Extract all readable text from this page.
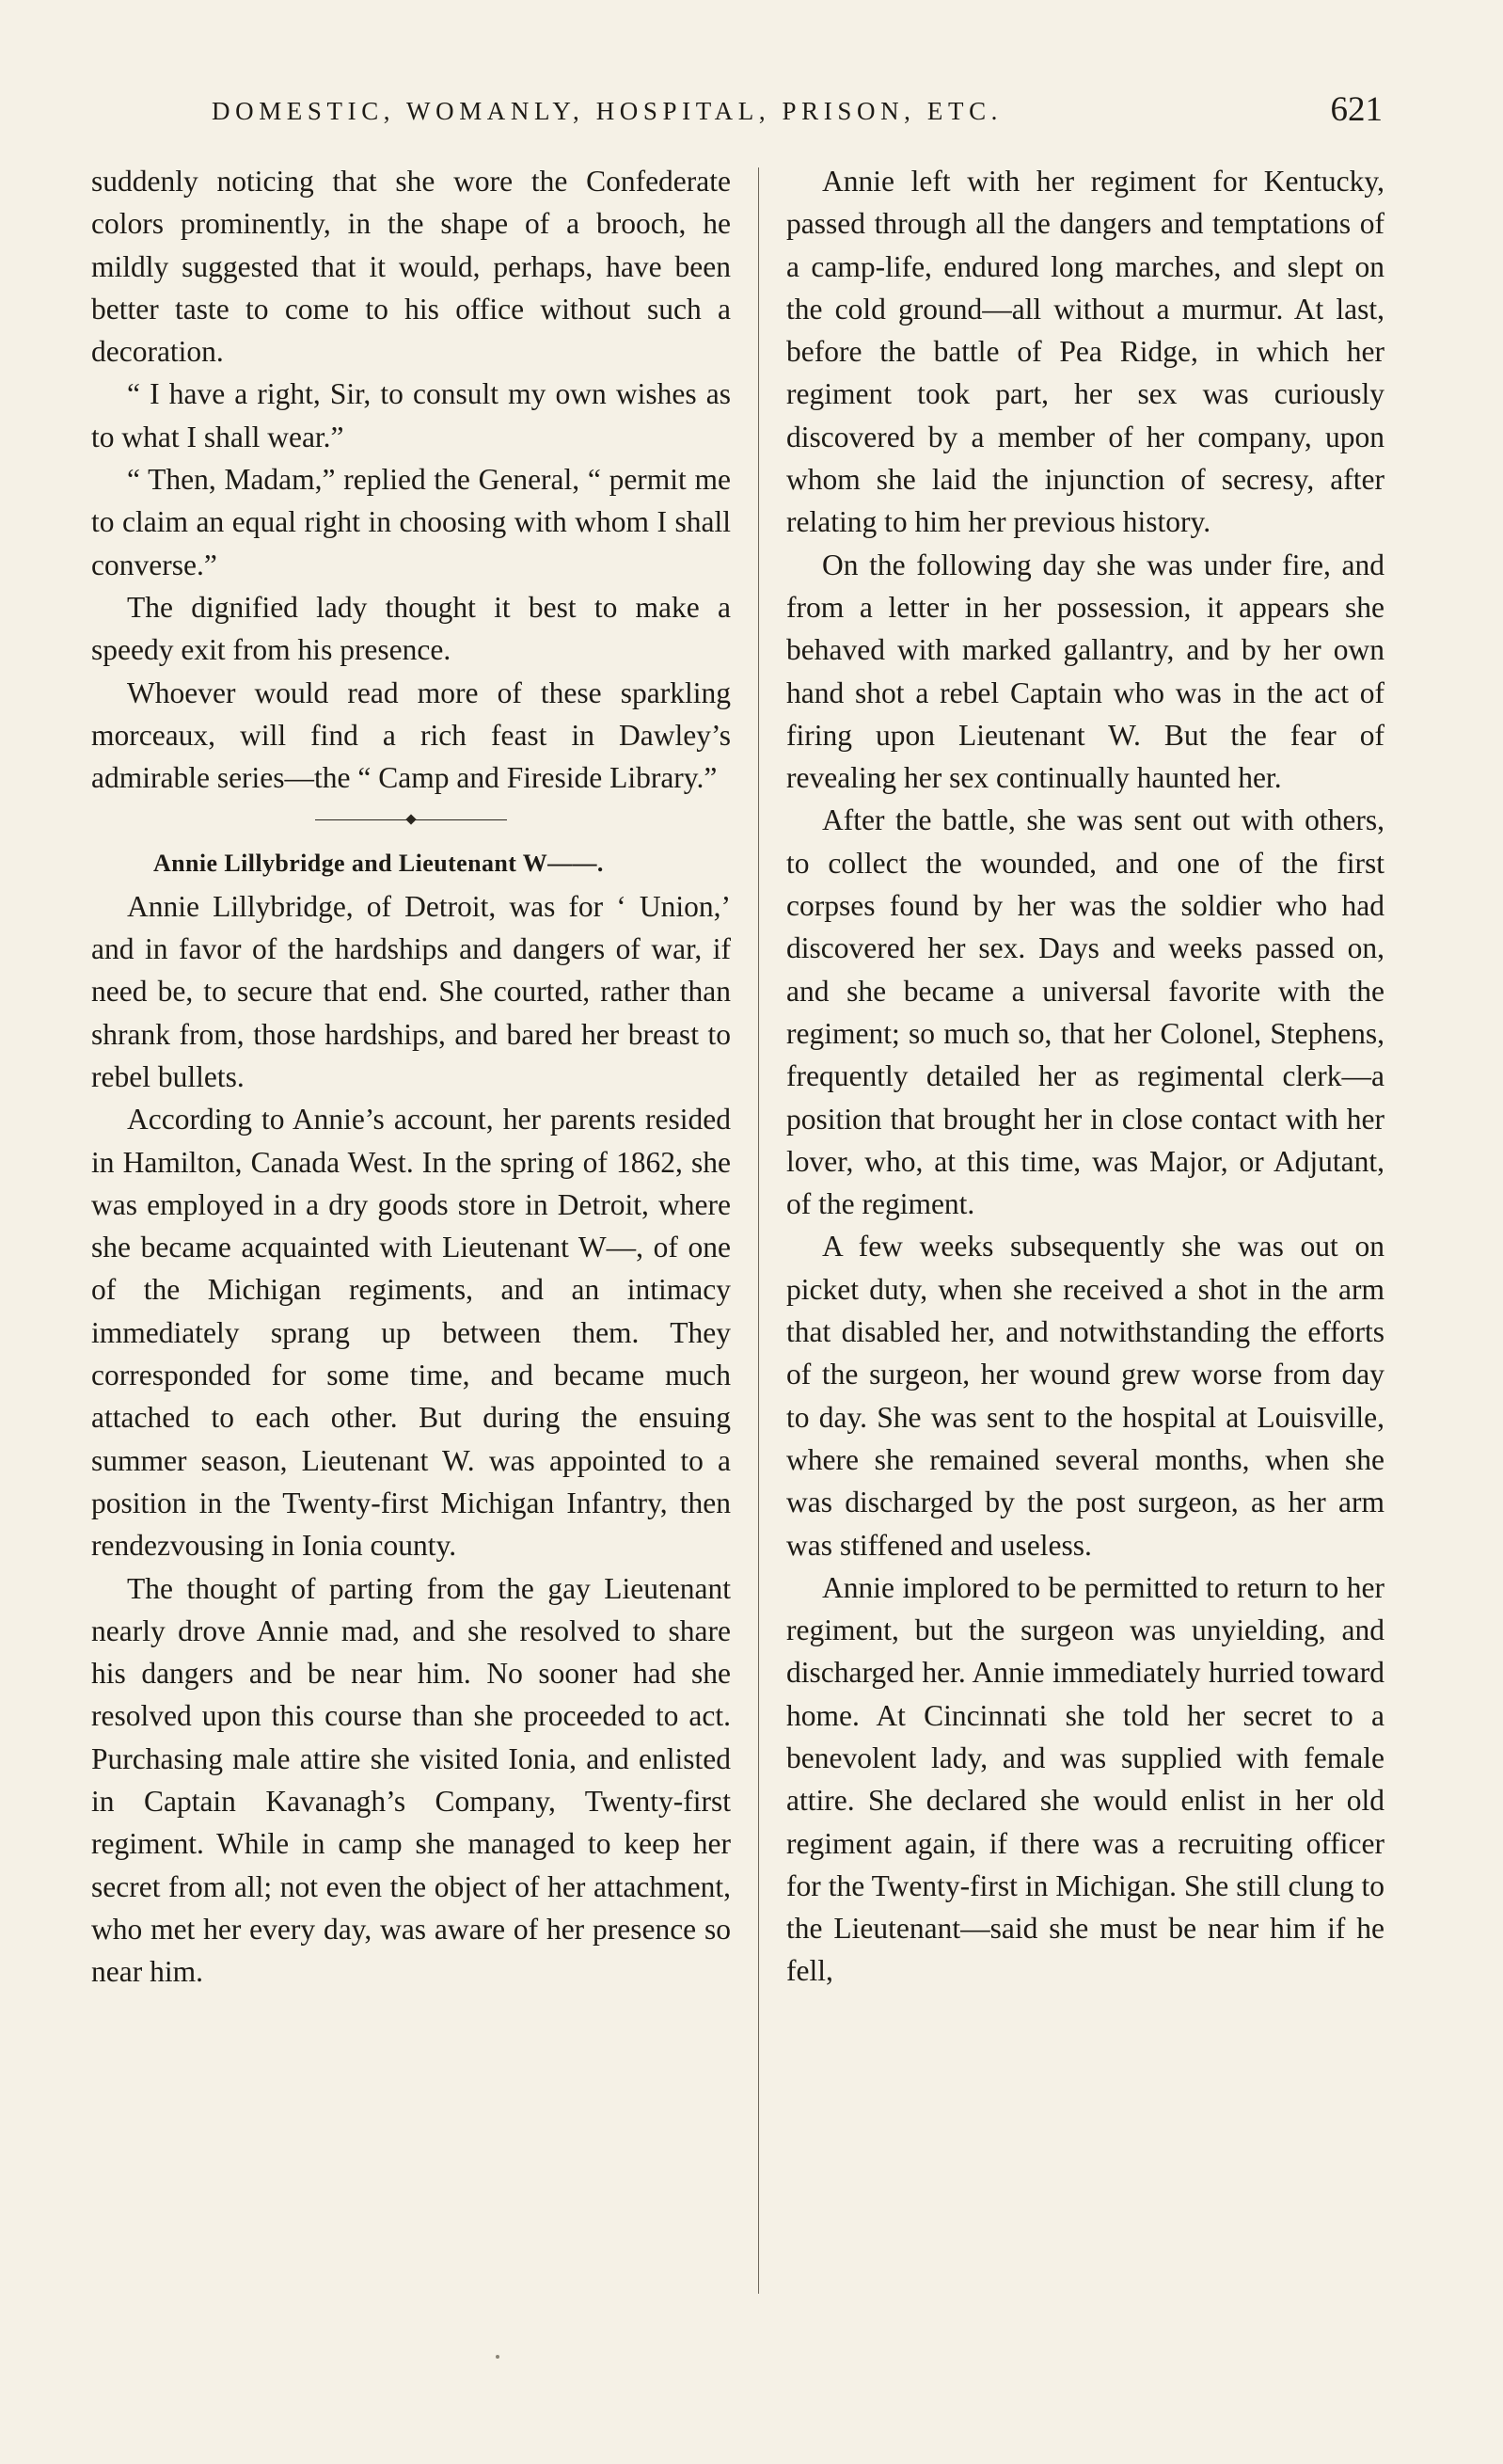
DOMESTIC, WOMANLY, HOSPITAL, PRISON, ETC.	621

suddenly noticing that she wore the Confederate colors prominently, in the shape of a brooch, he mildly suggested that it would, perhaps, have been better taste to come to his office without such a decoration.

“ I have a right, Sir, to consult my own wishes as to what I shall wear.”

“ Then, Madam,” replied the General, “ permit me to claim an equal right in choosing with whom I shall converse.”

The dignified lady thought it best to make a speedy exit from his presence.

Whoever would read more of these sparkling morceaux, will find a rich feast in Dawley’s admirable series—the “ Camp and Fireside Library.”

Annie Lillybridge and Lieutenant W——.

Annie Lillybridge, of Detroit, was for ‘ Union,’ and in favor of the hardships and dangers of war, if need be, to secure that end. She courted, rather than shrank from, those hardships, and bared her breast to rebel bullets.

According to Annie’s account, her parents resided in Hamilton, Canada West. In the spring of 1862, she was employed in a dry goods store in Detroit, where she became acquainted with Lieutenant W—, of one of the Michigan regiments, and an intimacy immediately sprang up between them. They corresponded for some time, and became much attached to each other. But during the ensuing summer season, Lieutenant W. was appointed to a position in the Twenty-first Michigan Infantry, then rendezvousing in Ionia county.

The thought of parting from the gay Lieutenant nearly drove Annie mad, and she resolved to share his dangers and be near him. No sooner had she resolved upon this course than she proceeded to act. Purchasing male attire she visited Ionia, and enlisted in Captain Kavanagh’s Company, Twenty-first regiment. While in camp she managed to keep her secret from all; not even the object of her attachment, who met her every day, was aware of her presence so near him.

Annie left with her regiment for Kentucky, passed through all the dangers and temptations of a camp-life, endured long marches, and slept on the cold ground—all without a murmur. At last, before the battle of Pea Ridge, in which her regiment took part, her sex was curiously discovered by a member of her company, upon whom she laid the injunction of secresy, after relating to him her previous history.

On the following day she was under fire, and from a letter in her possession, it appears she behaved with marked gallantry, and by her own hand shot a rebel Captain who was in the act of firing upon Lieutenant W. But the fear of revealing her sex continually haunted her.

After the battle, she was sent out with others, to collect the wounded, and one of the first corpses found by her was the soldier who had discovered her sex. Days and weeks passed on, and she became a universal favorite with the regiment; so much so, that her Colonel, Stephens, frequently detailed her as regimental clerk—a position that brought her in close contact with her lover, who, at this time, was Major, or Adjutant, of the regiment.

A few weeks subsequently she was out on picket duty, when she received a shot in the arm that disabled her, and notwithstanding the efforts of the surgeon, her wound grew worse from day to day. She was sent to the hospital at Louisville, where she remained several months, when she was discharged by the post surgeon, as her arm was stiffened and useless.

Annie implored to be permitted to return to her regiment, but the surgeon was unyielding, and discharged her. Annie immediately hurried toward home. At Cincinnati she told her secret to a benevolent lady, and was supplied with female attire. She declared she would enlist in her old regiment again, if there was a recruiting officer for the Twenty-first in Michigan. She still clung to the Lieutenant—said she must be near him if he fell,
